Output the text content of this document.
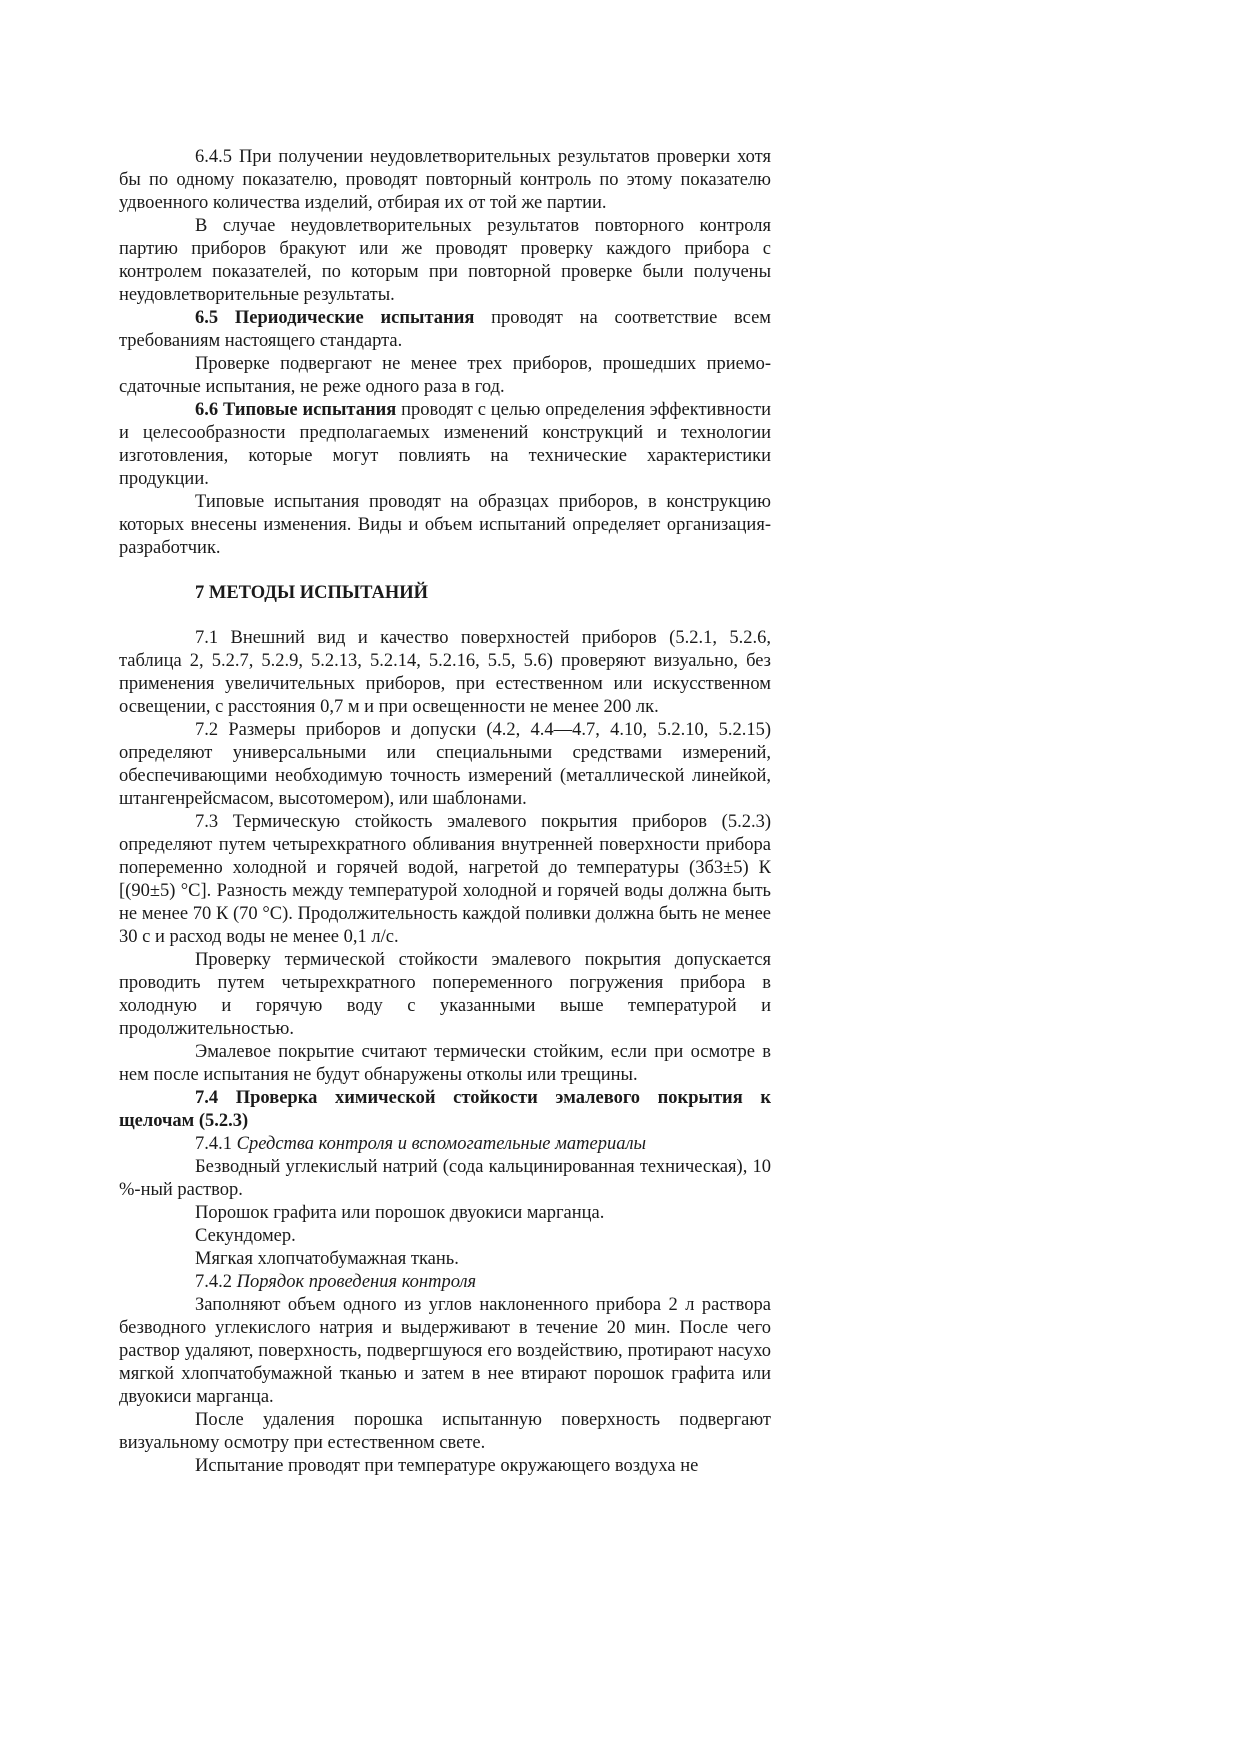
6.4.5 При получении неудовлетворительных результатов проверки хотя бы по одному показателю, проводят повторный контроль по этому показателю удвоенного количества изделий, отбирая их от той же партии.

В случае неудовлетворительных результатов повторного контроля партию приборов бракуют или же проводят проверку каждого прибора с контролем показателей, по которым при повторной проверке были получены неудовлетворительные результаты.

6.5 Периодические испытания проводят на соответствие всем требованиям настоящего стандарта.

Проверке подвергают не менее трех приборов, прошедших приемо-сдаточные испытания, не реже одного раза в год.

6.6 Типовые испытания проводят с целью определения эффективности и целесообразности предполагаемых изменений конструкций и технологии изготовления, которые могут повлиять на технические характеристики продукции.

Типовые испытания проводят на образцах приборов, в конструкцию которых внесены изменения. Виды и объем испытаний определяет организация-разработчик.

7 МЕТОДЫ ИСПЫТАНИЙ

7.1 Внешний вид и качество поверхностей приборов (5.2.1, 5.2.6, таблица 2, 5.2.7, 5.2.9, 5.2.13, 5.2.14, 5.2.16, 5.5, 5.6) проверяют визуально, без применения увеличительных приборов, при естественном или искусственном освещении, с расстояния 0,7 м и при освещенности не менее 200 лк.

7.2 Размеры приборов и допуски (4.2, 4.4—4.7, 4.10, 5.2.10, 5.2.15) определяют универсальными или специальными средствами измерений, обеспечивающими необходимую точность измерений (металлической линейкой, штангенрейсмасом, высотомером), или шаблонами.

7.3 Термическую стойкость эмалевого покрытия приборов (5.2.3) определяют путем четырехкратного обливания внутренней поверхности прибора попеременно холодной и горячей водой, нагретой до температуры (3б3±5) К [(90±5) °С]. Разность между температурой холодной и горячей воды должна быть не менее 70 К (70 °С). Продолжительность каждой поливки должна быть не менее 30 с и расход воды не менее 0,1 л/с.

Проверку термической стойкости эмалевого покрытия допускается проводить путем четырехкратного попеременного погружения прибора в холодную и горячую воду с указанными выше температурой и продолжительностью.

Эмалевое покрытие считают термически стойким, если при осмотре в нем после испытания не будут обнаружены отколы или трещины.

7.4 Проверка химической стойкости эмалевого покрытия к щелочам (5.2.3)

7.4.1 Средства контроля и вспомогательные материалы

Безводный углекислый натрий (сода кальцинированная техническая), 10 %-ный раствор.

Порошок графита или порошок двуокиси марганца.

Секундомер.

Мягкая хлопчатобумажная ткань.

7.4.2 Порядок проведения контроля

Заполняют объем одного из углов наклоненного прибора 2 л раствора безводного углекислого натрия и выдерживают в течение 20 мин. После чего раствор удаляют, поверхность, подвергшуюся его воздействию, протирают насухо мягкой хлопчатобумажной тканью и затем в нее втирают порошок графита или двуокиси марганца.

После удаления порошка испытанную поверхность подвергают визуальному осмотру при естественном свете.

Испытание проводят при температуре окружающего воздуха не
